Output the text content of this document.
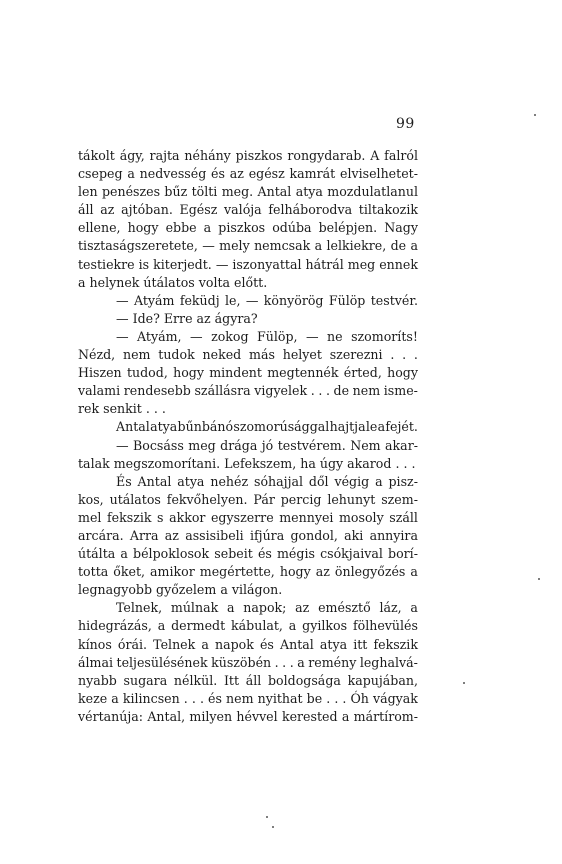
99
tákolt ágy, rajta néhány piszkos rongydarab. A falról
csepeg a nedvesség és az egész kamrát elviselhetet-
len penészes bűz tölti meg. Antal atya mozdulatlanul
áll az ajtóban. Egész valója felháborodva tiltakozik
ellene, hogy ebbe a piszkos odúba belépjen. Nagy
tisztaságszeretete, — mely nemcsak a lelkiekre, de a
testiekre is kiterjedt. — iszonyattal hátrál meg ennek
a helynek útálatos volta előtt.
— Atyám feküdj le, — könyörög Fülöp testvér.
— Ide? Erre az ágyra?
— Atyám, — zokog Fülöp, — ne szomoríts!
Nézd, nem tudok neked más helyet szerezni . . .
Hiszen tudod, hogy mindent megtennék érted, hogy
valami rendesebb szállásra vigyelek . . . de nem isme-
rek senkit . . .
Antal atya bűnbánó szomorúsággal hajtja le a fejét.
— Bocsáss meg drága jó testvérem. Nem akar-
talak megszomorítani. Lefekszem, ha úgy akarod . . .
És Antal atya nehéz sóhajjal dől végig a pisz-
kos, utálatos fekvőhelyen. Pár percig lehunyt szem-
mel fekszik s akkor egyszerre mennyei mosoly száll
arcára. Arra az assisibeli ifjúra gondol, aki annyira
útálta a bélpoklosok sebeit és mégis csókjaival borí-
totta őket, amikor megértette, hogy az önlegyőzés a
legnagyobb győzelem a világon.
Telnek, múlnak a napok; az emésztő láz, a
hidegrázás, a dermedt kábulat, a gyilkos fölhevülés
kínos órái. Telnek a napok és Antal atya itt fekszik
álmai teljesülésének küszöbén . . . a remény leghalvá-
nyabb sugara nélkül. Itt áll boldogsága kapujában,
keze a kilincsen . . . és nem nyithat be . . . Óh vágyak
vértanúja: Antal, milyen hévvel kerested a mártírom-
